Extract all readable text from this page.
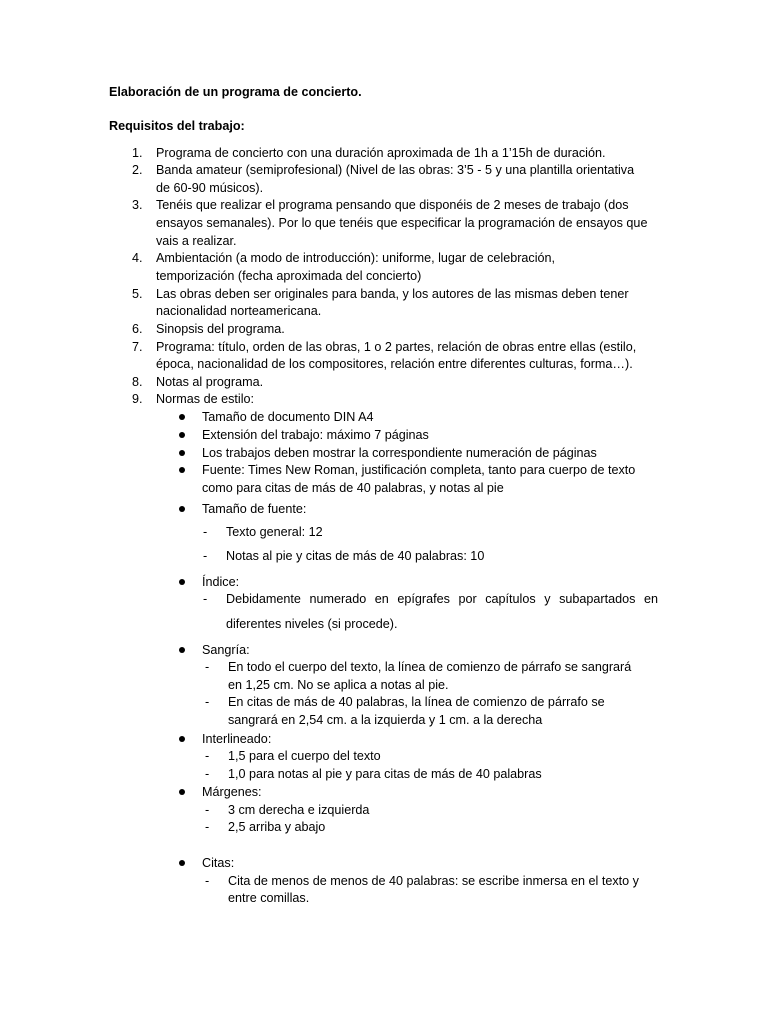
Elaboración de un programa de concierto.
Requisitos del trabajo:
1. Programa de concierto con una duración aproximada de 1h a 1’15h de duración.
2. Banda amateur (semiprofesional) (Nivel de las obras: 3’5 - 5 y una plantilla orientativa
de 60-90 músicos).
3. Tenéis que realizar el programa pensando que disponéis de 2 meses de trabajo (dos
ensayos semanales). Por lo que tenéis que especificar la programación de ensayos que
vais a realizar.
4. Ambientación (a modo de introducción): uniforme, lugar de celebración,
temporización (fecha aproximada del concierto)
5. Las obras deben ser originales para banda, y los autores de las mismas deben tener
nacionalidad norteamericana.
6. Sinopsis del programa.
7. Programa: título, orden de las obras, 1 o 2 partes, relación de obras entre ellas (estilo,
época, nacionalidad de los compositores, relación entre diferentes culturas, forma…).
8. Notas al programa.
9. Normas de estilo:
Tamaño de documento DIN A4
Extensión del trabajo: máximo 7 páginas
Los trabajos deben mostrar la correspondiente numeración de páginas
Fuente: Times New Roman, justificación completa, tanto para cuerpo de texto
como para citas de más de 40 palabras, y notas al pie
Tamaño de fuente:
- Texto general: 12
- Notas al pie y citas de más de 40 palabras: 10
Índice:
- Debidamente numerado en epígrafes por capítulos y subapartados en
diferentes niveles (si procede).
Sangría:
- En todo el cuerpo del texto, la línea de comienzo de párrafo se sangrará
en 1,25 cm. No se aplica a notas al pie.
- En citas de más de 40 palabras, la línea de comienzo de párrafo se
sangrará en 2,54 cm. a la izquierda y 1 cm. a la derecha
Interlineado:
- 1,5 para el cuerpo del texto
- 1,0 para notas al pie y para citas de más de 40 palabras
Márgenes:
- 3 cm derecha e izquierda
- 2,5 arriba y abajo
Citas:
- Cita de menos de menos de 40 palabras: se escribe inmersa en el texto y
entre comillas.
